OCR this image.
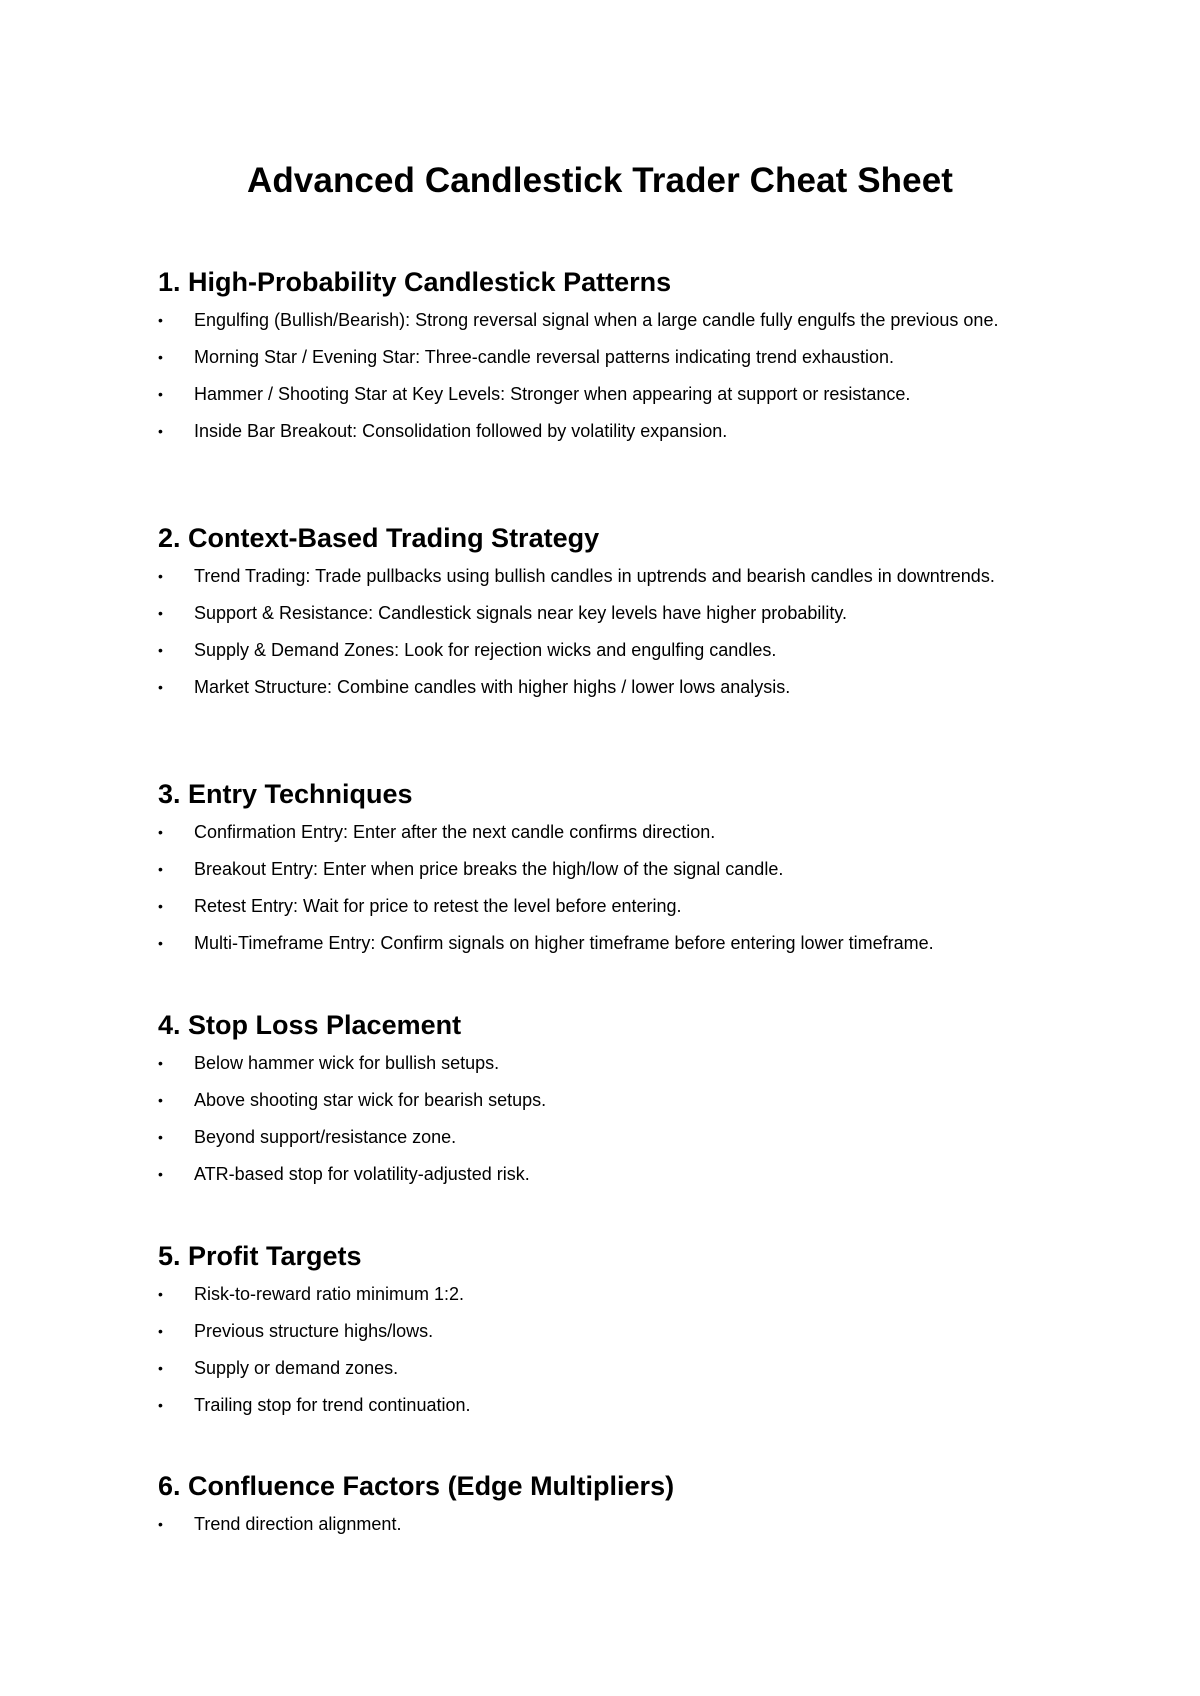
Advanced Candlestick Trader Cheat Sheet
1. High-Probability Candlestick Patterns
•	Engulfing (Bullish/Bearish): Strong reversal signal when a large candle fully engulfs the previous one.
•	Morning Star / Evening Star: Three-candle reversal patterns indicating trend exhaustion.
•	Hammer / Shooting Star at Key Levels: Stronger when appearing at support or resistance.
•	Inside Bar Breakout: Consolidation followed by volatility expansion.
2. Context-Based Trading Strategy
•	Trend Trading: Trade pullbacks using bullish candles in uptrends and bearish candles in downtrends.
•	Support & Resistance: Candlestick signals near key levels have higher probability.
•	Supply & Demand Zones: Look for rejection wicks and engulfing candles.
•	Market Structure: Combine candles with higher highs / lower lows analysis.
3. Entry Techniques
•	Confirmation Entry: Enter after the next candle confirms direction.
•	Breakout Entry: Enter when price breaks the high/low of the signal candle.
•	Retest Entry: Wait for price to retest the level before entering.
•	Multi-Timeframe Entry: Confirm signals on higher timeframe before entering lower timeframe.
4. Stop Loss Placement
•	Below hammer wick for bullish setups.
•	Above shooting star wick for bearish setups.
•	Beyond support/resistance zone.
•	ATR-based stop for volatility-adjusted risk.
5. Profit Targets
•	Risk-to-reward ratio minimum 1:2.
•	Previous structure highs/lows.
•	Supply or demand zones.
•	Trailing stop for trend continuation.
6. Confluence Factors (Edge Multipliers)
•	Trend direction alignment.
